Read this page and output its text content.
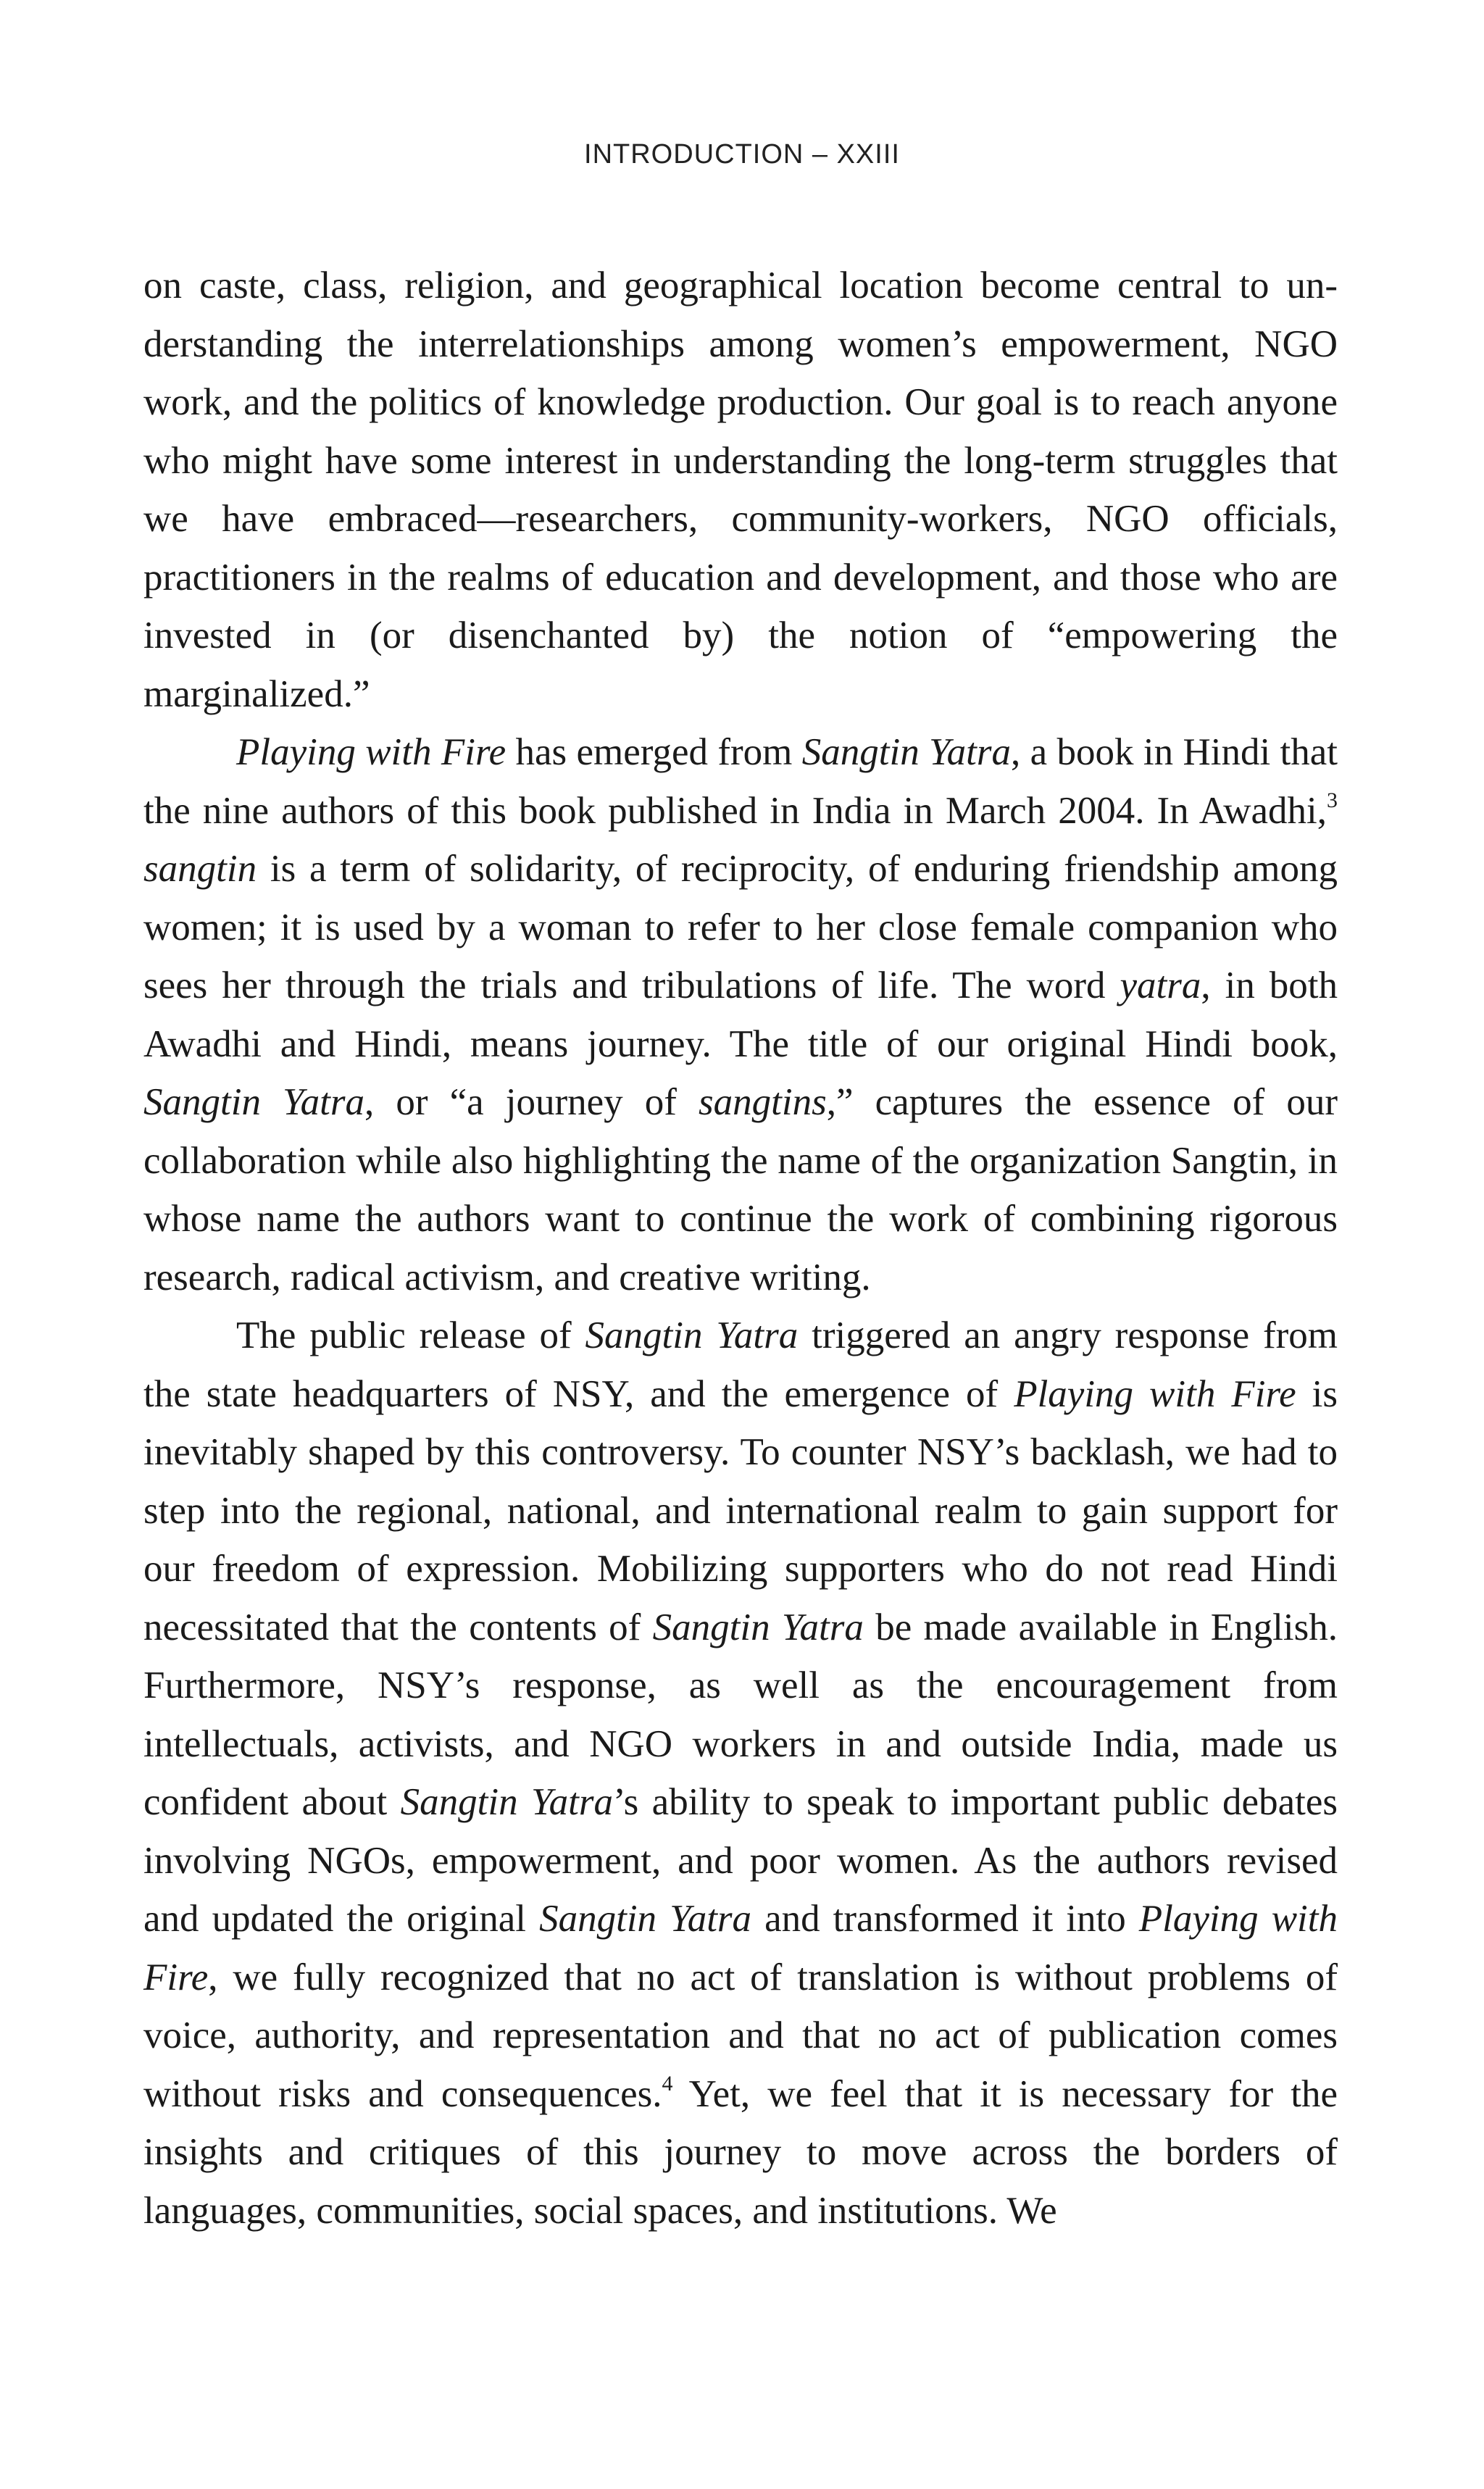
INTRODUCTION – XXIII

on caste, class, religion, and geographical location become central to understanding the interrelationships among women’s empowerment, NGO work, and the politics of knowledge production. Our goal is to reach anyone who might have some interest in understanding the long-term struggles that we have embraced—researchers, community-workers, NGO officials, practitioners in the realms of education and development, and those who are invested in (or disenchanted by) the notion of “empowering the marginalized.”

Playing with Fire has emerged from Sangtin Yatra, a book in Hindi that the nine authors of this book published in India in March 2004. In Awadhi,$^3$ sangtin is a term of solidarity, of reciprocity, of enduring friendship among women; it is used by a woman to refer to her close female companion who sees her through the trials and tribulations of life. The word yatra, in both Awadhi and Hindi, means journey. The title of our original Hindi book, Sangtin Yatra, or “a journey of sangtins,” captures the essence of our collaboration while also highlighting the name of the organization Sangtin, in whose name the authors want to continue the work of combining rigorous research, radical activism, and creative writing.

The public release of Sangtin Yatra triggered an angry response from the state headquarters of NSY, and the emergence of Playing with Fire is inevitably shaped by this controversy. To counter NSY’s backlash, we had to step into the regional, national, and international realm to gain support for our freedom of expression. Mobilizing supporters who do not read Hindi necessitated that the contents of Sangtin Yatra be made available in English. Furthermore, NSY’s response, as well as the encouragement from intellectuals, activists, and NGO workers in and outside India, made us confident about Sangtin Yatra’s ability to speak to important public debates involving NGOs, empowerment, and poor women. As the authors revised and updated the original Sangtin Yatra and transformed it into Playing with Fire, we fully recognized that no act of translation is without problems of voice, authority, and representation and that no act of publication comes without risks and consequences.$^4$ Yet, we feel that it is necessary for the insights and critiques of this journey to move across the borders of languages, communities, social spaces, and institutions. We
